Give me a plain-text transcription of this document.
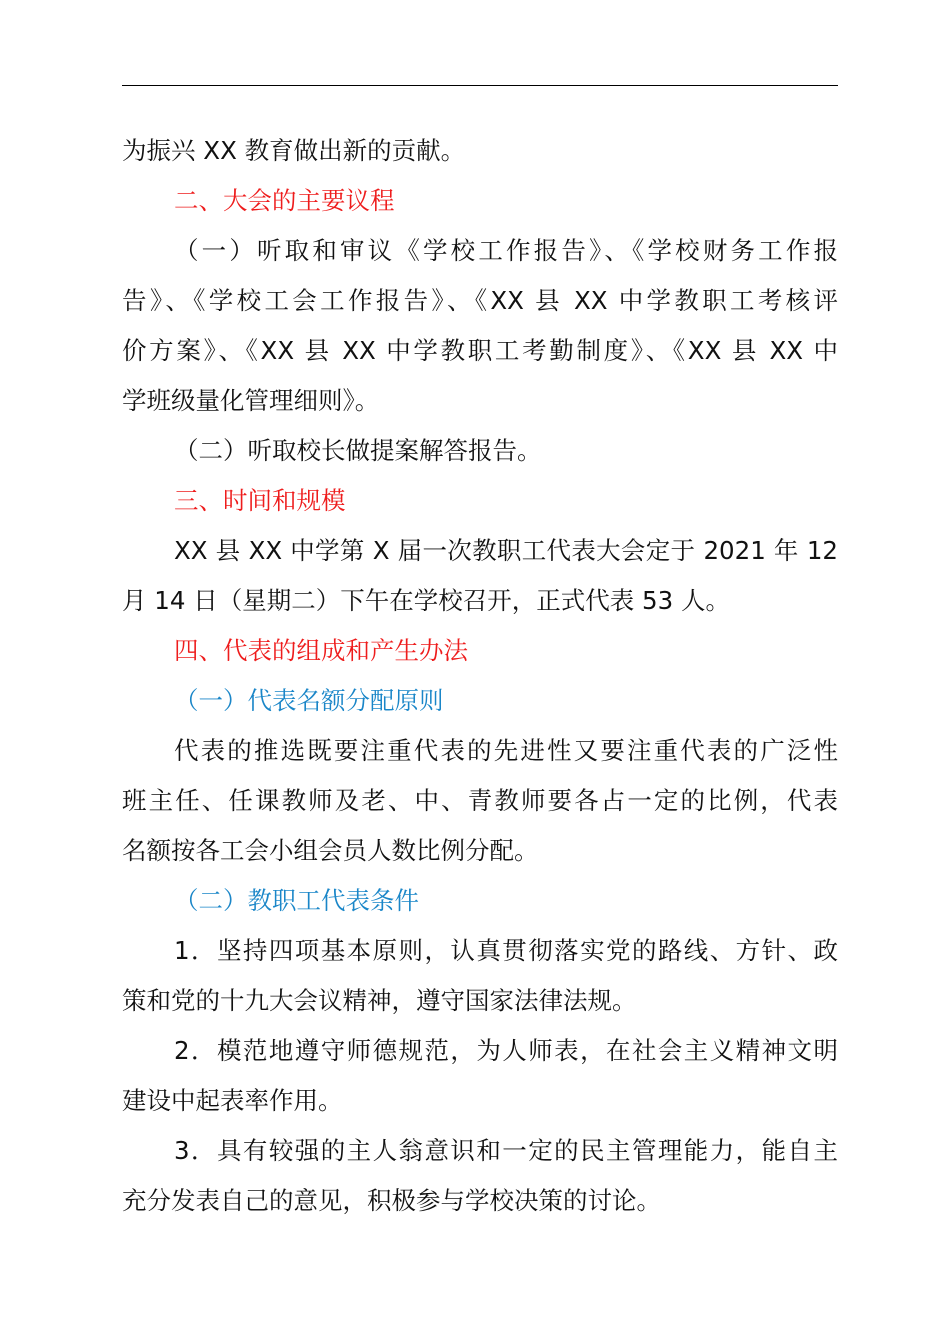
为振兴 XX 教育做出新的贡献。
二、大会的主要议程
（一）听取和审议《学校工作报告》、《学校财务工作报
告》、《学校工会工作报告》、《XX 县 XX 中学教职工考核评
价方案》、《XX 县 XX 中学教职工考勤制度》、《XX 县 XX 中
学班级量化管理细则》。
（二）听取校长做提案解答报告。
三、时间和规模
XX 县 XX 中学第 X 届一次教职工代表大会定于 2021 年 12
月 14 日（星期二）下午在学校召开，正式代表 53 人。
四、代表的组成和产生办法
（一）代表名额分配原则
代表的推选既要注重代表的先进性又要注重代表的广泛性
班主任、任课教师及老、中、青教师要各占一定的比例，代表
名额按各工会小组会员人数比例分配。
（二）教职工代表条件
1．坚持四项基本原则，认真贯彻落实党的路线、方针、政
策和党的十九大会议精神，遵守国家法律法规。
2．模范地遵守师德规范，为人师表，在社会主义精神文明
建设中起表率作用。
3．具有较强的主人翁意识和一定的民主管理能力，能自主
充分发表自己的意见，积极参与学校决策的讨论。
